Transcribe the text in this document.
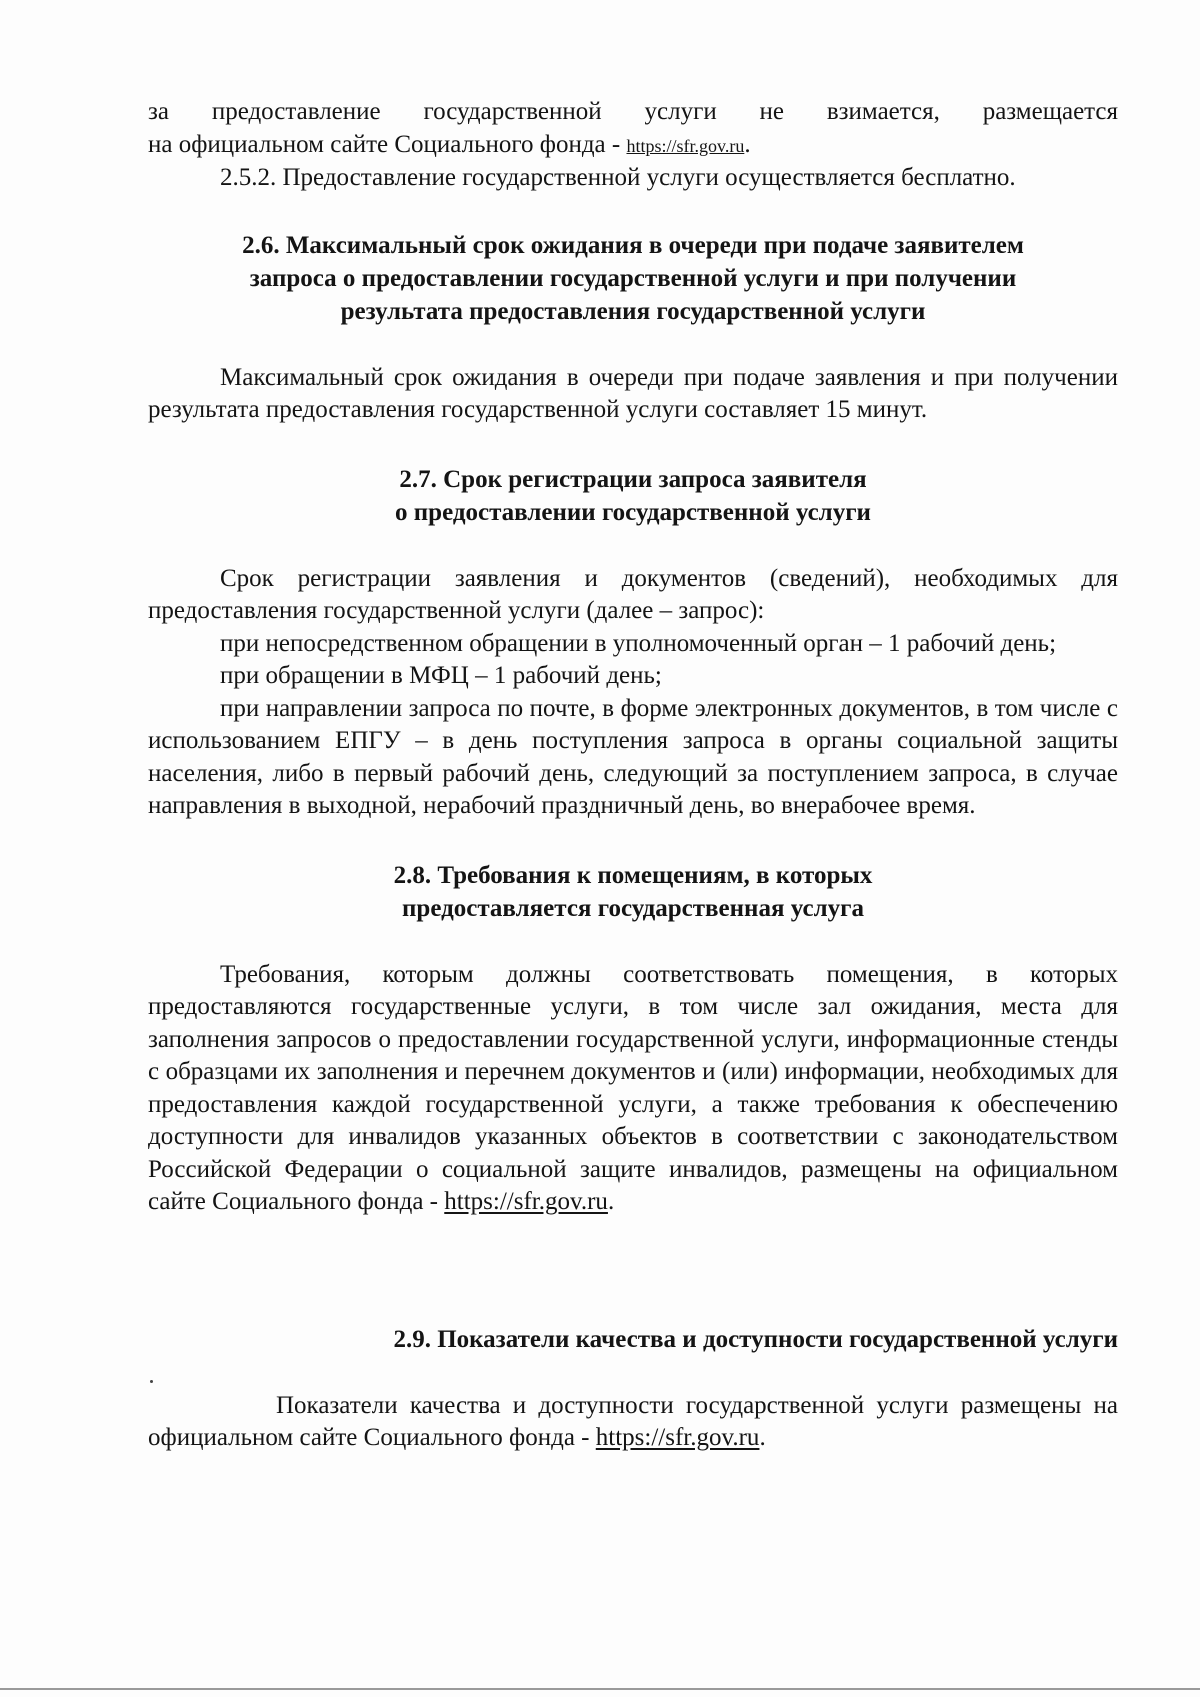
за предоставление государственной услуги не взимается, размещается

на официальном сайте Социального фонда - https://sfr.gov.ru.

2.5.2. Предоставление государственной услуги осуществляется бесплатно.

2.6. Максимальный срок ожидания в очереди при подаче заявителем

запроса о предоставлении государственной услуги и при получении

результата предоставления государственной услуги

Максимальный срок ожидания в очереди при подаче заявления и при получении результата предоставления государственной услуги составляет 15 минут.

2.7. Срок регистрации запроса заявителя

о предоставлении государственной услуги

Срок регистрации заявления и документов (сведений), необходимых для предоставления государственной услуги (далее – запрос):

при непосредственном обращении в уполномоченный орган – 1 рабочий день;

при обращении в МФЦ – 1 рабочий день;

при направлении запроса по почте, в форме электронных документов, в том числе с использованием ЕПГУ – в день поступления запроса в органы социальной защиты населения, либо в первый рабочий день, следующий за поступлением запроса, в случае направления в выходной, нерабочий праздничный день, во внерабочее время.

2.8. Требования к помещениям, в которых

предоставляется государственная услуга

Требования, которым должны соответствовать помещения, в которых предоставляются государственные услуги, в том числе зал ожидания, места для заполнения запросов о предоставлении государственной услуги, информационные стенды с образцами их заполнения и перечнем документов и (или) информации, необходимых для предоставления каждой государственной услуги, а также требования к обеспечению доступности для инвалидов указанных объектов в соответствии с законодательством Российской Федерации о социальной защите инвалидов, размещены на официальном сайте Социального фонда - https://sfr.gov.ru.

2.9. Показатели качества и доступности государственной услуги

Показатели качества и доступности государственной услуги размещены на официальном сайте Социального фонда - https://sfr.gov.ru.
